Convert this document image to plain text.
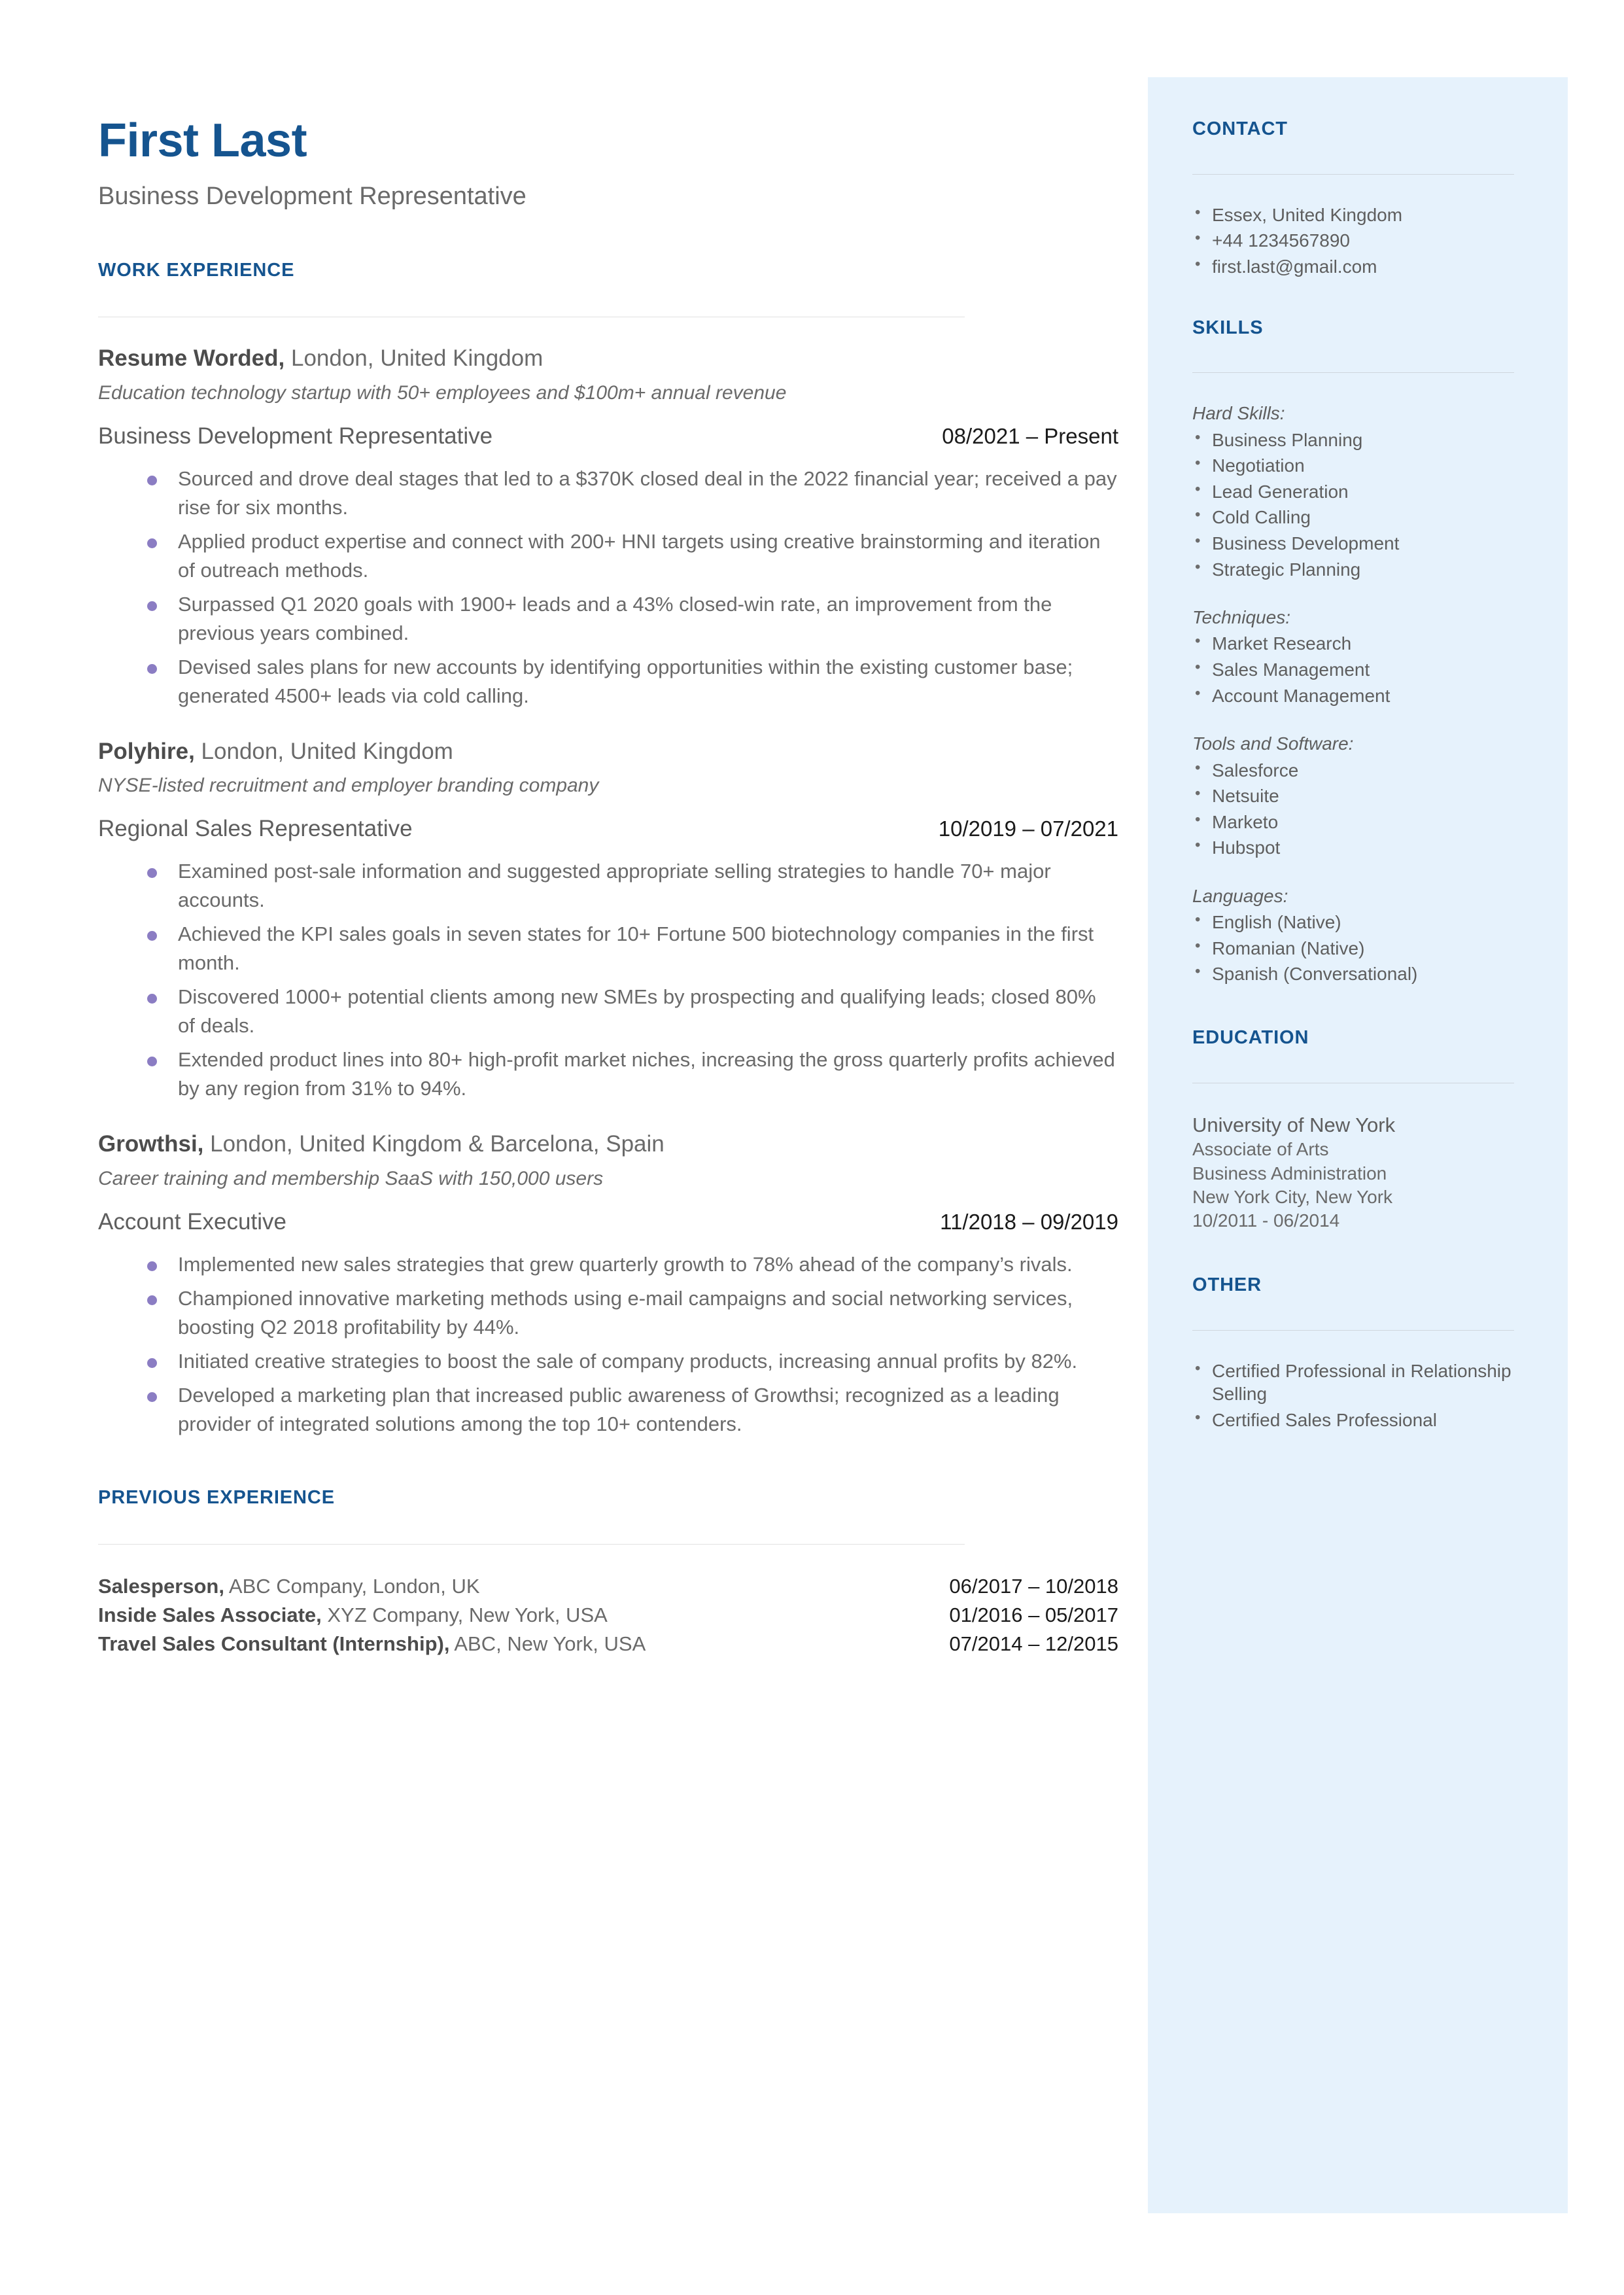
First Last
Business Development Representative
WORK EXPERIENCE

Resume Worded, London, United Kingdom

Education technology startup with 50+ employees and $100m+ annual revenue

Business Development Representative	08/2021 – Present
Sourced and drove deal stages that led to a $370K closed deal in the 2022 financial year; received a pay rise for six months.
Applied product expertise and connect with 200+ HNI targets using creative brainstorming and iteration of outreach methods.
Surpassed Q1 2020 goals with 1900+ leads and a 43% closed-win rate, an improvement from the previous years combined.
Devised sales plans for new accounts by identifying opportunities within the existing customer base; generated 4500+ leads via cold calling.

Polyhire, London, United Kingdom

NYSE-listed recruitment and employer branding company

Regional Sales Representative	10/2019 – 07/2021
Examined post-sale information and suggested appropriate selling strategies to handle 70+ major accounts.
Achieved the KPI sales goals in seven states for 10+ Fortune 500 biotechnology companies in the first month.
Discovered 1000+ potential clients among new SMEs by prospecting and qualifying leads; closed 80% of deals.
Extended product lines into 80+ high-profit market niches, increasing the gross quarterly profits achieved by any region from 31% to 94%.

Growthsi, London, United Kingdom & Barcelona, Spain

Career training and membership SaaS with 150,000 users

Account Executive	11/2018 – 09/2019
Implemented new sales strategies that grew quarterly growth to 78% ahead of the company’s rivals.
Championed innovative marketing methods using e-mail campaigns and social networking services, boosting Q2 2018 profitability by 44%.
Initiated creative strategies to boost the sale of company products, increasing annual profits by 82%.
Developed a marketing plan that increased public awareness of Growthsi; recognized as a leading provider of integrated solutions among the top 10+ contenders.
PREVIOUS EXPERIENCE
Salesperson, ABC Company, London, UK	06/2017 – 10/2018
Inside Sales Associate, XYZ Company, New York, USA	01/2016 – 05/2017
Travel Sales Consultant (Internship), ABC, New York, USA	07/2014 – 12/2015
CONTACT
• Essex, United Kingdom
• +44 1234567890
• first.last@gmail.com
SKILLS
Hard Skills:
• Business Planning
• Negotiation
• Lead Generation
• Cold Calling
• Business Development
• Strategic Planning
Techniques:
• Market Research
• Sales Management
• Account Management
Tools and Software:
• Salesforce
• Netsuite
• Marketo
• Hubspot
Languages:
• English (Native)
• Romanian (Native)
• Spanish (Conversational)
EDUCATION

University of New York

Associate of Arts

Business Administration

New York City, New York

10/2011 - 06/2014

OTHER
• Certified Professional in Relationship Selling
• Certified Sales Professional
